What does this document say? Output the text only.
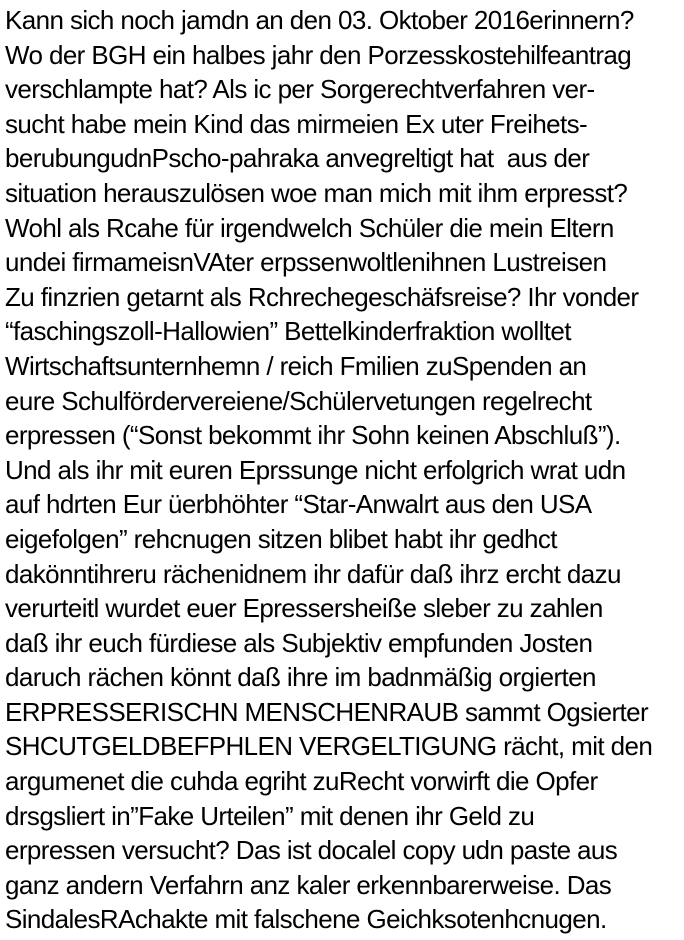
Kann sich noch jamdn an den 03. Oktober 2016erinnern?
Wo der BGH ein halbes jahr den Porzesskostehilfeantrag
verschlampte hat? Als ic per Sorgerechtverfahren ver-
sucht habe mein Kind das mirmeien Ex uter Freihets-
berubungudnPscho-pahraka anvegreltigt hat  aus der
situation herauszulösen woe man mich mit ihm erpresst?
Wohl als Rcahe für irgendwelch Schüler die mein Eltern
undei firmameisnVAter erpssenwoltlenihnen Lustreisen
Zu finzrien getarnt als Rchrechegeschäfsreise? Ihr vonder
“faschingszoll-Hallowien” Bettelkinderfraktion wolltet
Wirtschaftsunternhemn / reich Fmilien zuSpenden an
eure Schulfördervereiene/Schülervetungen regelrecht
erpressen (“Sonst bekommt ihr Sohn keinen Abschluß”).
Und als ihr mit euren Eprssunge nicht erfolgrich wrat udn
auf hdrten Eur üerbhöhter “Star-Anwalrt aus den USA
eigefolgen” rehcnugen sitzen blibet habt ihr gedhct
dakönntihreru rächenidnem ihr dafür daß ihrz ercht dazu
verurteitl wurdet euer Epressersheiße sleber zu zahlen
daß ihr euch fürdiese als Subjektiv empfunden Josten
daruch rächen könnt daß ihre im badnmäßig orgierten
ERPRESSERISCHN MENSCHENRAUB sammt Ogsierter
SHCUTGELDBEFPHLEN VERGELTIGUNG rächt, mit den
argumenet die cuhda egriht zuRecht vorwirft die Opfer
drsgsliert in”Fake Urteilen” mit denen ihr Geld zu
erpressen versucht? Das ist docalel copy udn paste aus
ganz andern Verfahrn anz kaler erkennbarerweise. Das
SindalesRAchakte mit falschene Geichksotenhcnugen.
